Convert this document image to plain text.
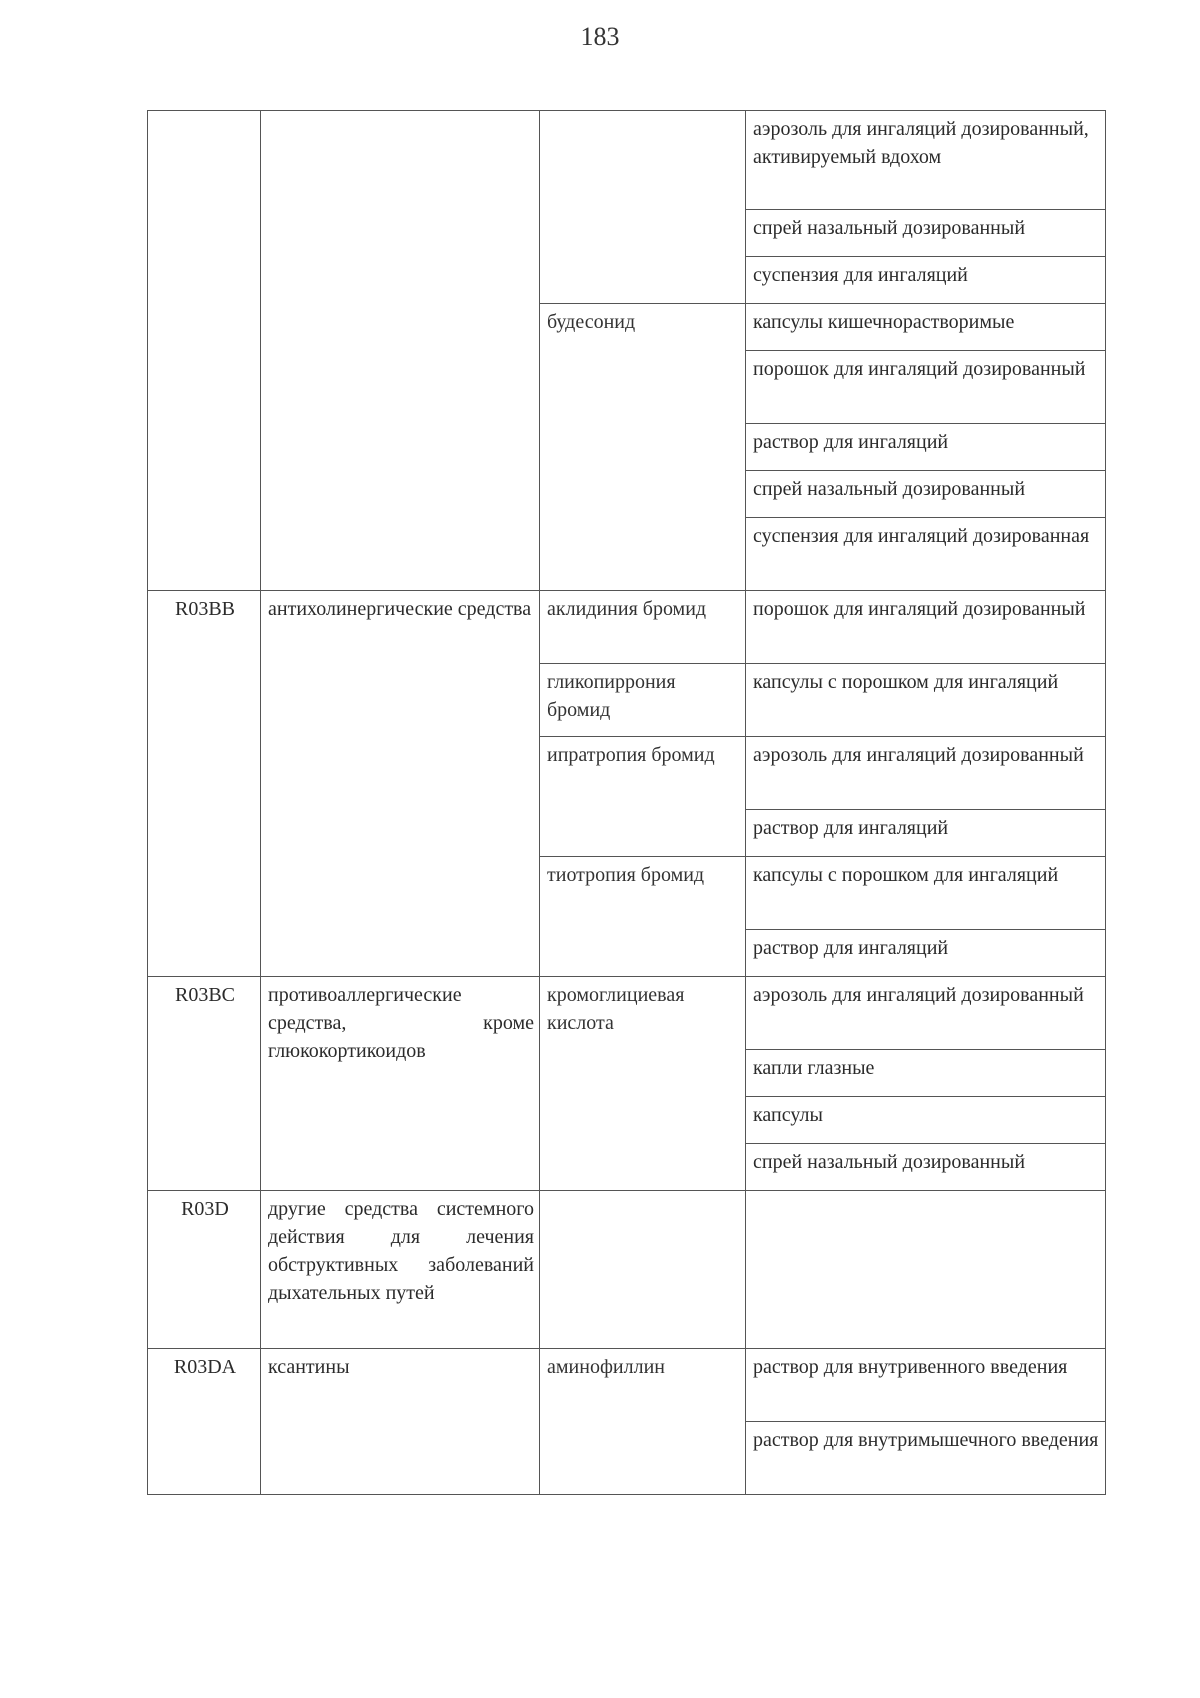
183
			аэрозоль для ингаляций дозированный, активируемый вдохом
			спрей назальный дозированный
			суспензия для ингаляций
		будесонид	капсулы кишечнорастворимые
			порошок для ингаляций дозированный
			раствор для ингаляций
			спрей назальный дозированный
			суспензия для ингаляций дозированная
R03BB	антихолинергические средства	аклидиния бромид	порошок для ингаляций дозированный
		гликопиррония бромид	капсулы с порошком для ингаляций
		ипратропия бромид	аэрозоль для ингаляций дозированный
			раствор для ингаляций
		тиотропия бромид	капсулы с порошком для ингаляций
			раствор для ингаляций
R03BC	противоаллергические средства, кроме глюкокортикоидов	кромоглициевая кислота	аэрозоль для ингаляций дозированный
			капли глазные
			капсулы
			спрей назальный дозированный
R03D	другие средства системного действия для лечения обструктивных заболеваний дыхательных путей		
R03DA	ксантины	аминофиллин	раствор для внутривенного введения
			раствор для внутримышечного введения
